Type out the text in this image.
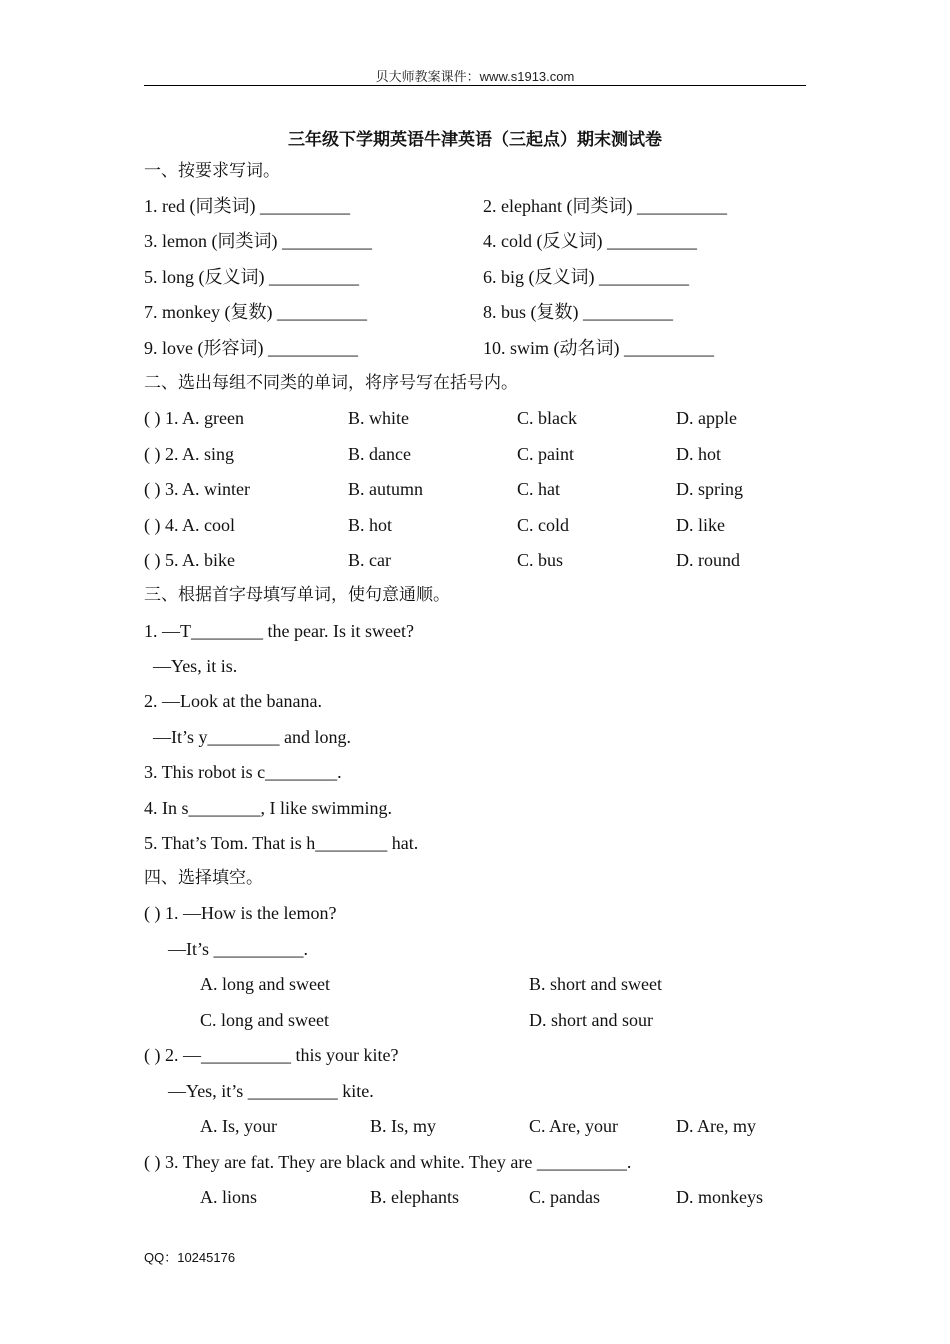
贝大师教案课件：www.s1913.com
三年级下学期英语牛津英语（三起点）期末测试卷
一、按要求写词。
1. red (同类词) __________	2. elephant (同类词) __________
3. lemon (同类词) __________	4. cold (反义词) __________
5. long (反义词) __________	6. big (反义词) __________
7. monkey (复数) __________	8. bus (复数) __________
9. love (形容词) __________	10. swim (动名词) __________
二、选出每组不同类的单词，将序号写在括号内。
( ) 1. A. green	B. white	C. black	D. apple
( ) 2. A. sing	B. dance	C. paint	D. hot
( ) 3. A. winter	B. autumn	C. hat	D. spring
( ) 4. A. cool	B. hot	C. cold	D. like
( ) 5. A. bike	B. car	C. bus	D. round
三、根据首字母填写单词，使句意通顺。
1. —T________ the pear. Is it sweet?
—Yes, it is.
2. —Look at the banana.
—It’s y________ and long.
3. This robot is c________.
4. In s________, I like swimming.
5. That’s Tom. That is h________ hat.
四、选择填空。
( ) 1. —How is the lemon?
—It’s __________.
A. long and sweet	B. short and sweet
C. long and sweet	D. short and sour
( ) 2. —__________ this your kite?
—Yes, it’s __________ kite.
A. Is, your	B. Is, my	C. Are, your	D. Are, my
( ) 3. They are fat. They are black and white. They are __________.
A. lions	B. elephants	C. pandas	D. monkeys
QQ：10245176
